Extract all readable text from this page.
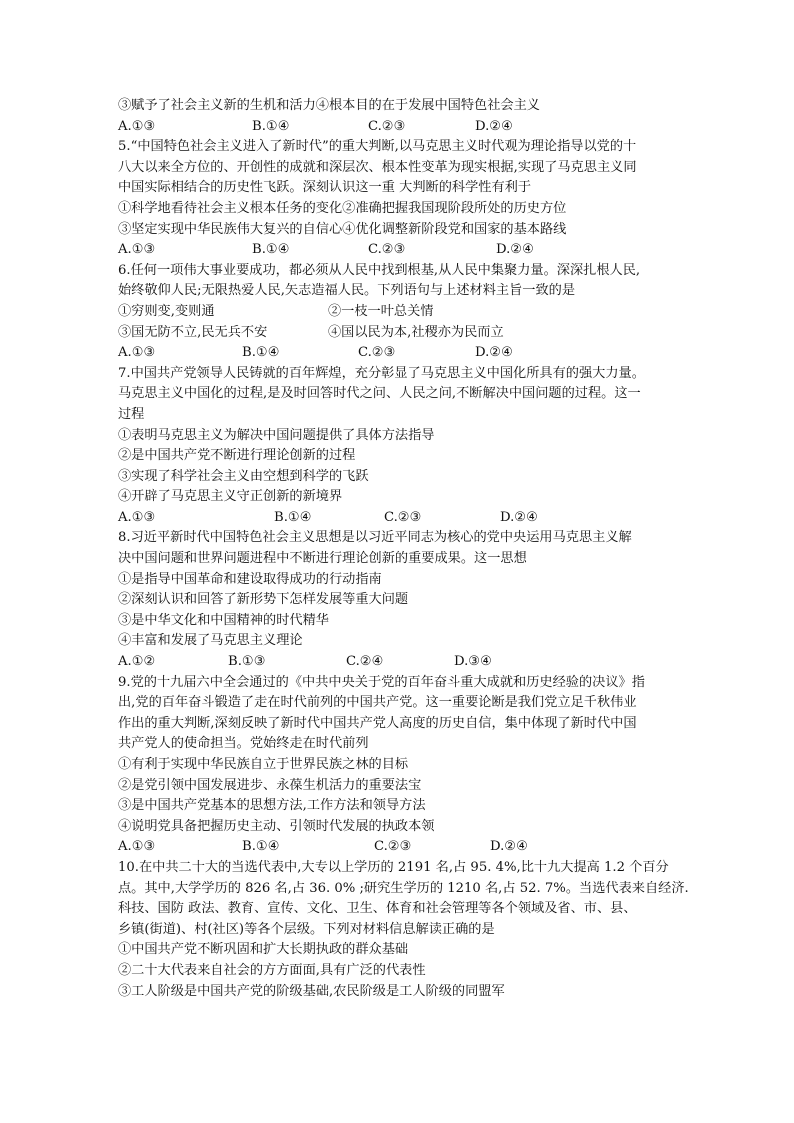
③赋予了社会主义新的生机和活力④根本目的在于发展中国特色社会主义
A.①③	B.①④	C.②③	D.②④
5.“中国特色社会主义进入了新时代”的重大判断,以马克思主义时代观为理论指导以党的十
八大以来全方位的、开创性的成就和深层次、根本性变革为现实根据,实现了马克思主义同
中国实际相结合的历史性飞跃。深刻认识这一重 大判断的科学性有利于
①科学地看待社会主义根本任务的变化②准确把握我国现阶段所处的历史方位
③坚定实现中华民族伟大复兴的自信心④优化调整新阶段党和国家的基本路线
A.①③	B.①④	C.②③	D.②④
6.任何一项伟大事业要成功，都必须从人民中找到根基,从人民中集聚力量。深深扎根人民,
始终敬仰人民;无限热爱人民,矢志造福人民。下列语句与上述材料主旨一致的是
①穷则变,变则通	②一枝一叶总关情
③国无防不立,民无兵不安	④国以民为本,社稷亦为民而立
A.①③	B.①④	C.②③	D.②④
7.中国共产党领导人民铸就的百年辉煌，充分彰显了马克思主义中国化所具有的强大力量。
马克思主义中国化的过程,是及时回答时代之问、人民之问,不断解决中国问题的过程。这一
过程
①表明马克思主义为解决中国问题提供了具体方法指导
②是中国共产党不断进行理论创新的过程
③实现了科学社会主义由空想到科学的飞跃
④开辟了马克思主义守正创新的新境界
A.①③	B.①④	C.②③	D.②④
8.习近平新时代中国特色社会主义思想是以习近平同志为核心的党中央运用马克思主义解
决中国问题和世界问题进程中不断进行理论创新的重要成果。这一思想
①是指导中国革命和建设取得成功的行动指南
②深刻认识和回答了新形势下怎样发展等重大问题
③是中华文化和中国精神的时代精华
④丰富和发展了马克思主义理论
A.①②	B.①③	C.②④	D.③④
9.党的十九届六中全会通过的《中共中央关于党的百年奋斗重大成就和历史经验的决议》指
出,党的百年奋斗锻造了走在时代前列的中国共产党。这一重要论断是我们党立足千秋伟业
作出的重大判断,深刻反映了新时代中国共产党人高度的历史自信，集中体现了新时代中国
共产党人的使命担当。党始终走在时代前列
①有利于实现中华民族自立于世界民族之林的目标
②是党引领中国发展进步、永葆生机活力的重要法宝
③是中国共产党基本的思想方法,工作方法和领导方法
④说明党具备把握历史主动、引领时代发展的执政本领
A.①③	B.①④	C.②③	D.②④
10.在中共二十大的当选代表中,大专以上学历的 2191 名,占 95. 4%,比十九大提高 1.2 个百分
点。其中,大学学历的 826 名,占 36. 0% ;研究生学历的 1210 名,占 52. 7%。当选代表来自经济.
科技、国防 政法、教育、宣传、文化、卫生、体育和社会管理等各个领域及省、市、县、
乡镇(街道)、村(社区)等各个层级。下列对材料信息解读正确的是
①中国共产党不断巩固和扩大长期执政的群众基础
②二十大代表来自社会的方方面面,具有广泛的代表性
③工人阶级是中国共产党的阶级基础,农民阶级是工人阶级的同盟军
